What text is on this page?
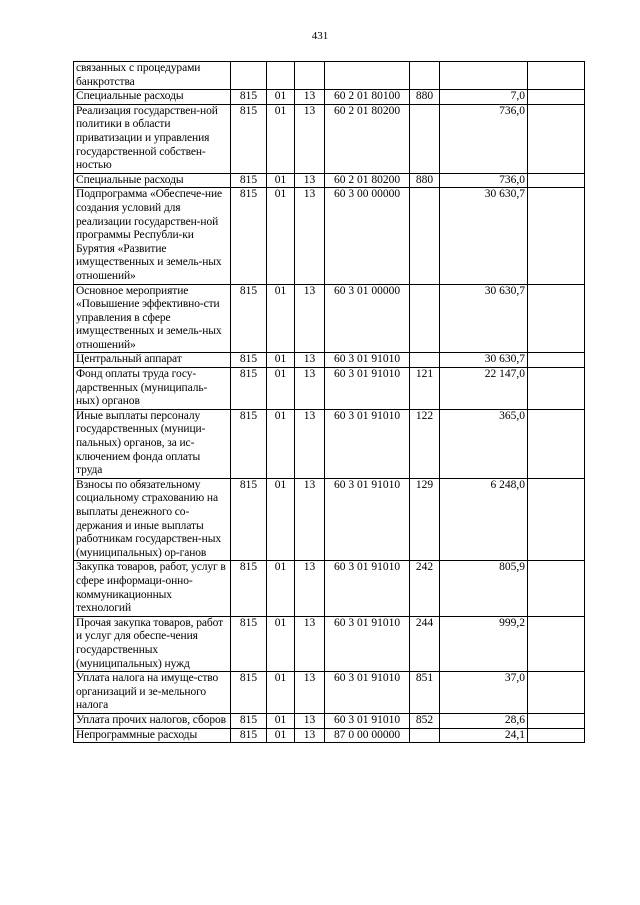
431
связанных с процедурами банкротства							
Специальные расходы	815	01	13	60 2 01 80100	880	7,0	
Реализация государствен-ной политики в области приватизации и управления государственной собствен-ностью	815	01	13	60 2 01 80200		736,0	
Специальные расходы	815	01	13	60 2 01 80200	880	736,0	
Подпрограмма «Обеспече-ние создания условий для реализации государствен-ной программы Республи-ки Бурятия «Развитие имущественных и земель-ных отношений»	815	01	13	60 3 00 00000		30 630,7	
Основное мероприятие «Повышение эффективно-сти управления в сфере имущественных и земель-ных отношений»	815	01	13	60 3 01 00000		30 630,7	
Центральный аппарат	815	01	13	60 3 01 91010		30 630,7	
Фонд оплаты труда госу-дарственных (муниципаль-ных) органов	815	01	13	60 3 01 91010	121	22 147,0	
Иные выплаты персоналу государственных (муници-пальных) органов, за ис-ключением фонда оплаты труда	815	01	13	60 3 01 91010	122	365,0	
Взносы по обязательному социальному страхованию на выплаты денежного со-держания и иные выплаты работникам государствен-ных (муниципальных) ор-ганов	815	01	13	60 3 01 91010	129	6 248,0	
Закупка товаров, работ, услуг в сфере информаци-онно-коммуникационных технологий	815	01	13	60 3 01 91010	242	805,9	
Прочая закупка товаров, работ и услуг для обеспе-чения государственных (муниципальных) нужд	815	01	13	60 3 01 91010	244	999,2	
Уплата налога на имуще-ство организаций и зе-мельного налога	815	01	13	60 3 01 91010	851	37,0	
Уплата прочих налогов, сборов	815	01	13	60 3 01 91010	852	28,6	
Непрограммные расходы	815	01	13	87 0 00 00000		24,1	
